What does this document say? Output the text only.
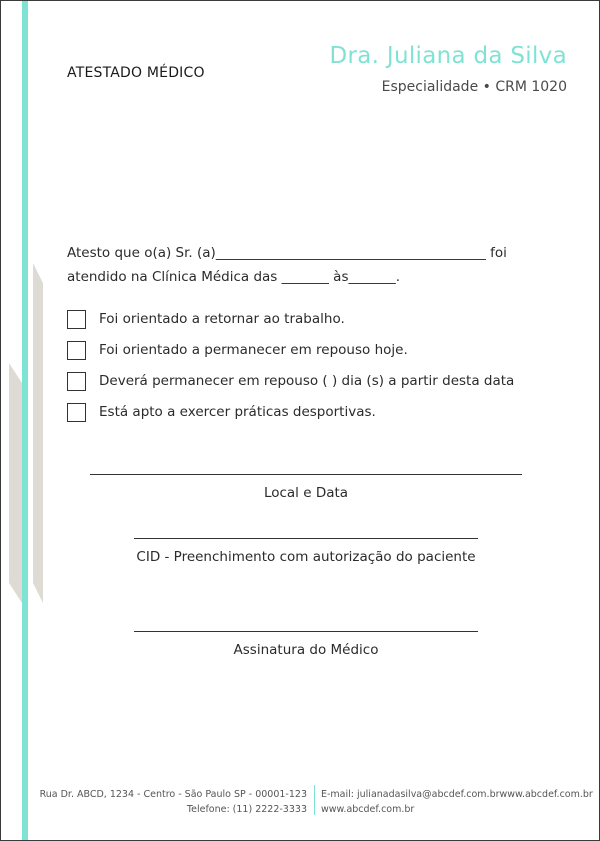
ATESTADO MÉDICO
Dra. Juliana da Silva
Especialidade • CRM 1020
Atesto que o(a) Sr. (a)________________________________________ foi
atendido na Clínica Médica das _______ às_______.
Foi orientado a retornar ao trabalho.
Foi orientado a permanecer em repouso hoje.
Deverá permanecer em repouso ( ) dia (s) a partir desta data
Está apto a exercer práticas desportivas.
Local e Data
CID - Preenchimento com autorização do paciente
Assinatura do Médico
Rua Dr. ABCD, 1234 - Centro - São Paulo SP - 00001-123
Telefone: (11) 2222-3333
E-mail: julianadasilva@abcdef.com.brwww.abcdef.com.br
www.abcdef.com.br
